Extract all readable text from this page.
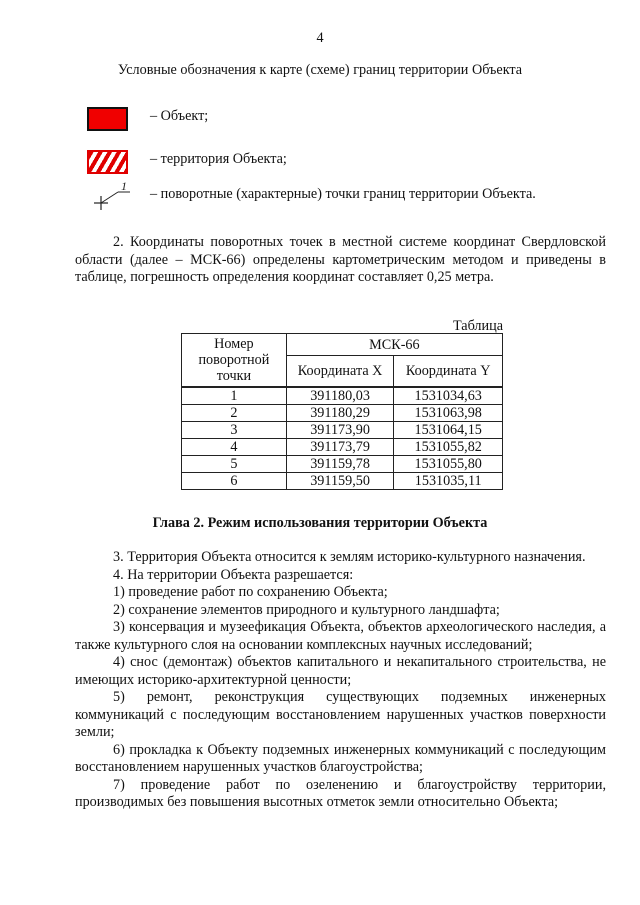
4
Условные обозначения к карте (схеме) границ территории Объекта
– Объект;
– территория Объекта;
1
– поворотные (характерные) точки границ территории Объекта.

2. Координаты поворотных точек в местной системе координат Свердловской области (далее – МСК-66) определены картометрическим методом и приведены в таблице, погрешность определения координат составляет 0,25 метра.

Таблица
Номер поворотной точки	МСК-66	
	Координата X	Координата Y
1	391180,03	1531034,63
2	391180,29	1531063,98
3	391173,90	1531064,15
4	391173,79	1531055,82
5	391159,78	1531055,80
6	391159,50	1531035,11
Глава 2. Режим использования территории Объекта

3. Территория Объекта относится к землям историко-культурного назначения.

4. На территории Объекта разрешается:

1) проведение работ по сохранению Объекта;

2) сохранение элементов природного и культурного ландшафта;

3) консервация и музеефикация Объекта, объектов археологического наследия, а также культурного слоя на основании комплексных научных исследований;

4) снос (демонтаж) объектов капитального и некапитального строительства, не имеющих историко-архитектурной ценности;

5) ремонт, реконструкция существующих подземных инженерных коммуникаций с последующим восстановлением нарушенных участков поверхности земли;

6) прокладка к Объекту подземных инженерных коммуникаций с последующим восстановлением нарушенных участков благоустройства;

7) проведение работ по озеленению и благоустройству территории, производимых без повышения высотных отметок земли относительно Объекта;
